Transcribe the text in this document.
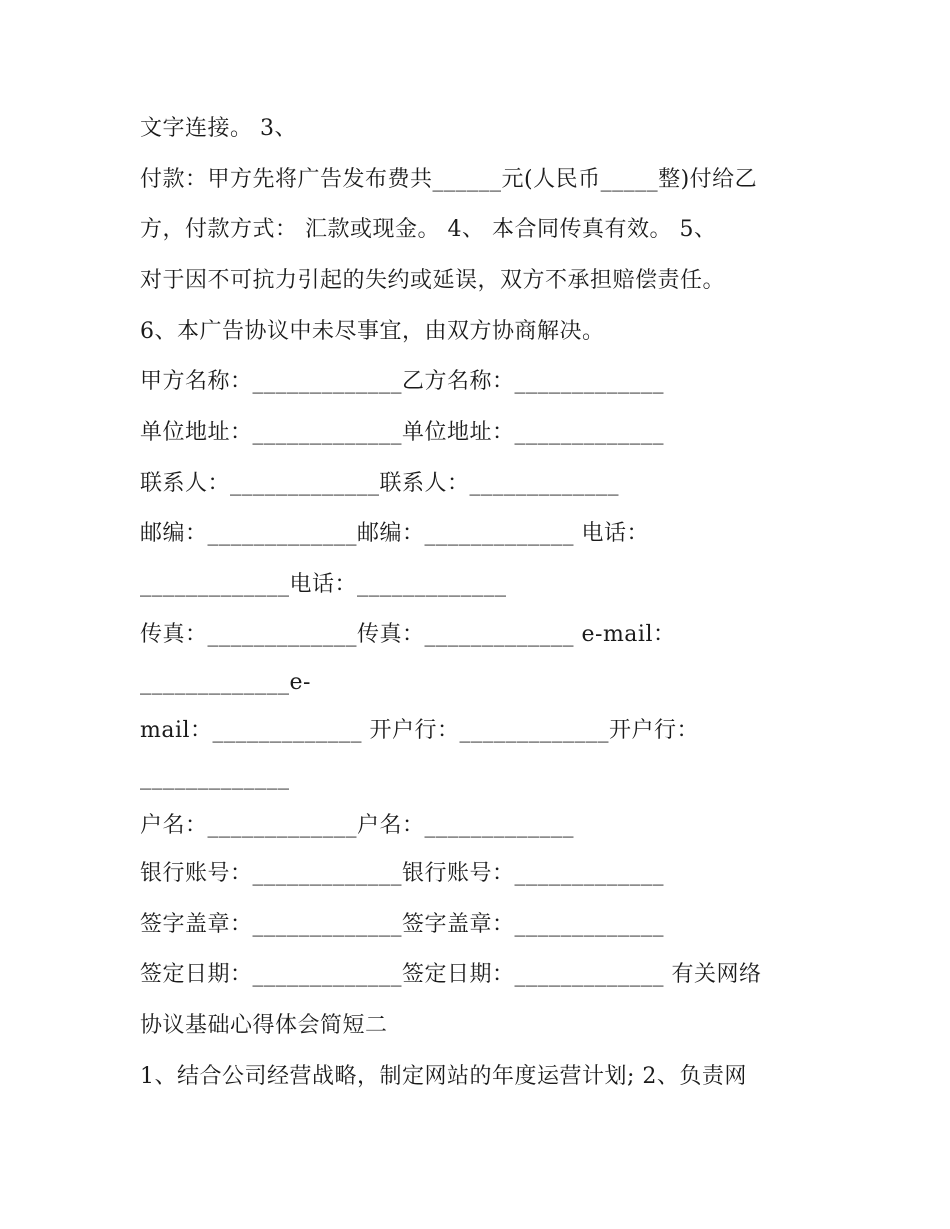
文字连接。 3、
付款：甲方先将广告发布费共______元(人民币_____整)付给乙
方，付款方式： 汇款或现金。 4、 本合同传真有效。 5、
对于因不可抗力引起的失约或延误，双方不承担赔偿责任。
6、本广告协议中未尽事宜，由双方协商解决。
甲方名称：_____________乙方名称：_____________
单位地址：_____________单位地址：_____________
联系人：_____________联系人：_____________
邮编：_____________邮编：_____________ 电话：
_____________电话：_____________
传真：_____________传真：_____________ e-mail：
_____________e-
mail：_____________ 开户行：_____________开户行：
_____________
户名：_____________户名：_____________
银行账号：_____________银行账号：_____________
签字盖章：_____________签字盖章：_____________
签定日期：_____________签定日期：_____________ 有关网络
协议基础心得体会简短二
1、结合公司经营战略，制定网站的年度运营计划; 2、负责网
